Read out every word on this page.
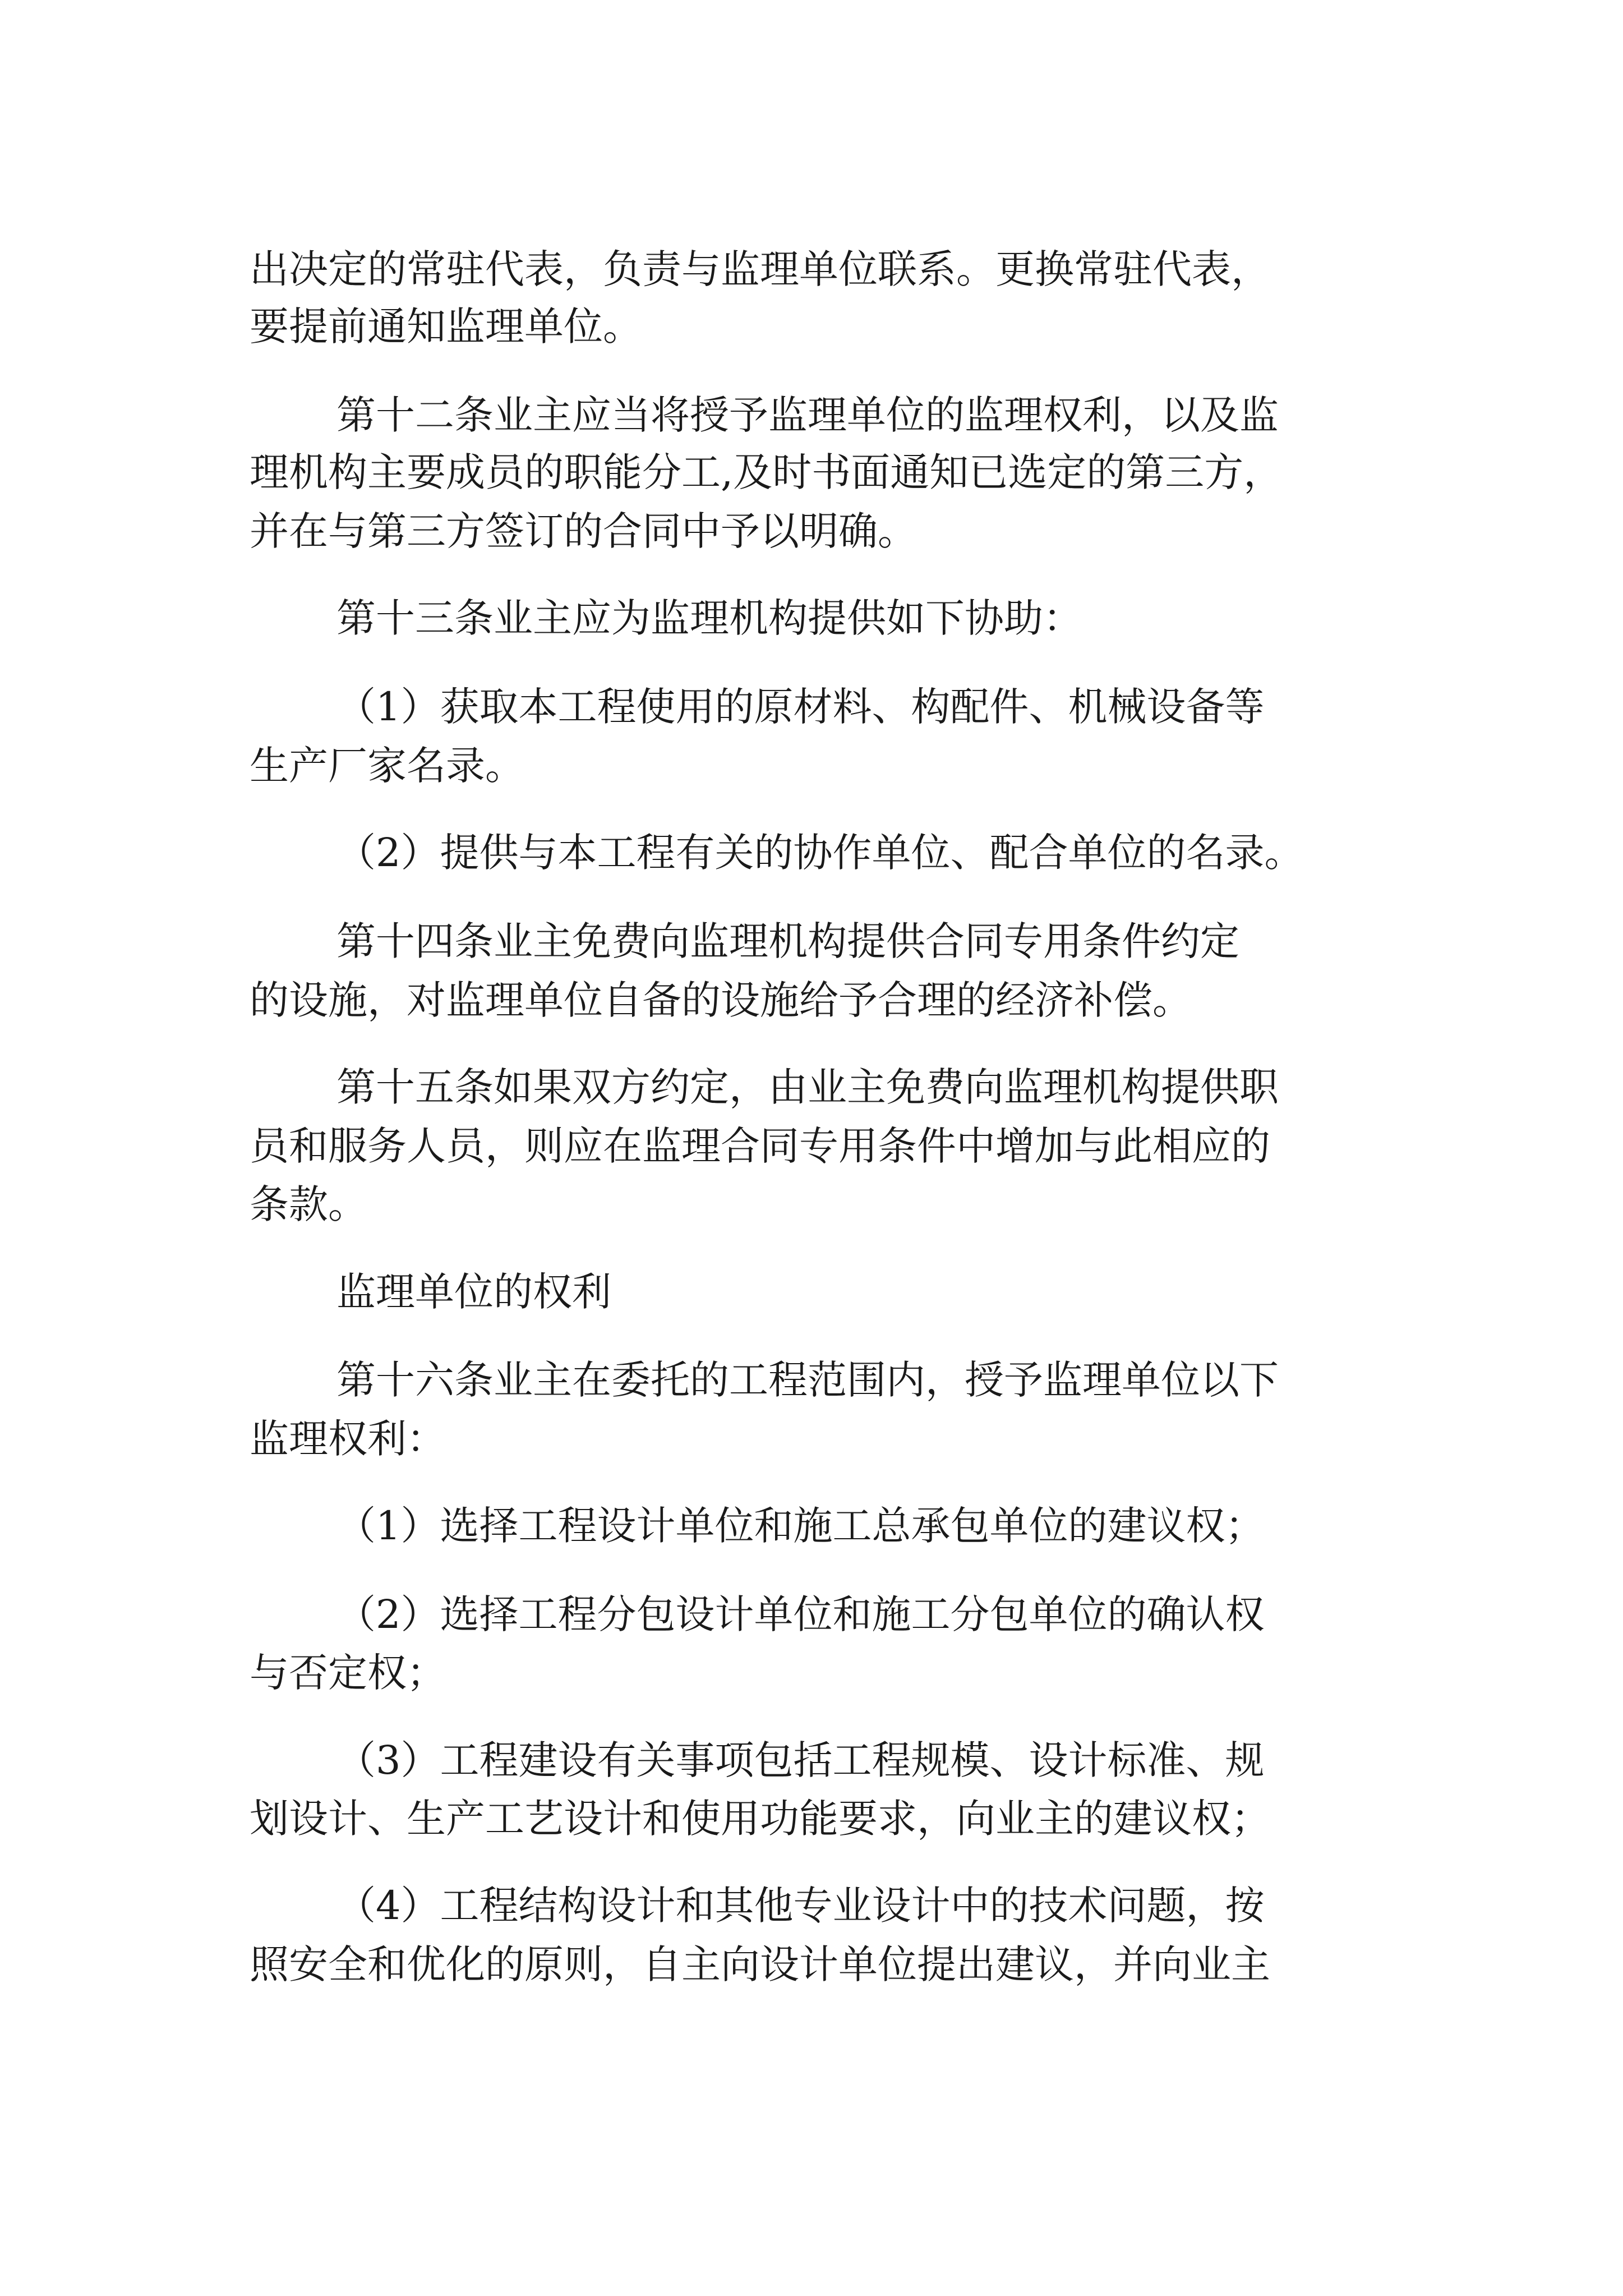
出决定的常驻代表，负责与监理单位联系。更换常驻代表，
要提前通知监理单位。
第十二条业主应当将授予监理单位的监理权利，以及监
理机构主要成员的职能分工,及时书面通知已选定的第三方，
并在与第三方签订的合同中予以明确。
第十三条业主应为监理机构提供如下协助：
（1）获取本工程使用的原材料、构配件、机械设备等
生产厂家名录。
（2）提供与本工程有关的协作单位、配合单位的名录。
第十四条业主免费向监理机构提供合同专用条件约定
的设施，对监理单位自备的设施给予合理的经济补偿。
第十五条如果双方约定，由业主免费向监理机构提供职
员和服务人员，则应在监理合同专用条件中增加与此相应的
条款。
监理单位的权利
第十六条业主在委托的工程范围内，授予监理单位以下
监理权利：
（1）选择工程设计单位和施工总承包单位的建议权；
（2）选择工程分包设计单位和施工分包单位的确认权
与否定权；
（3）工程建设有关事项包括工程规模、设计标准、规
划设计、生产工艺设计和使用功能要求，向业主的建议权；
（4）工程结构设计和其他专业设计中的技术问题，按
照安全和优化的原则，自主向设计单位提出建议，并向业主
